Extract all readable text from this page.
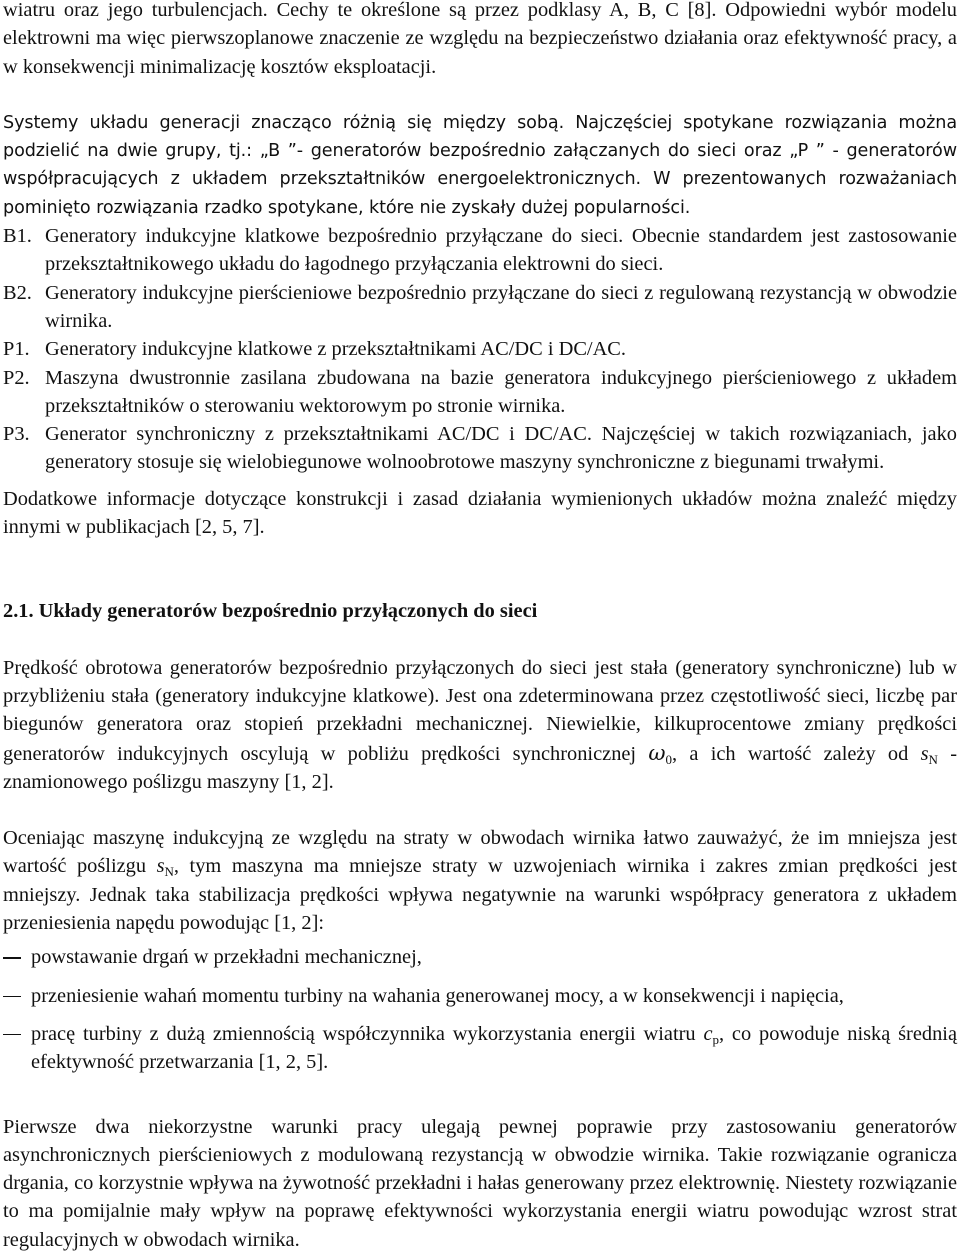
wiatru oraz jego turbulencjach. Cechy te określone są przez podklasy A, B, C [8]. Odpowiedni wybór modelu elektrowni ma więc pierwszoplanowe znaczenie ze względu na bezpieczeństwo działania oraz efektywność pracy, a w konsekwencji minimalizację kosztów eksploatacji.

Systemy układu generacji znacząco różnią się między sobą. Najczęściej spotykane rozwiązania można podzielić na dwie grupy, tj.: „B ”- generatorów bezpośrednio załączanych do sieci oraz „P ” - generatorów współpracujących z układem przekształtników energoelektronicznych. W prezentowanych rozważaniach pominięto rozwiązania rzadko spotykane, które nie zyskały dużej popularności.

B1. Generatory indukcyjne klatkowe bezpośrednio przyłączane do sieci. Obecnie standardem jest zastosowanie przekształtnikowego układu do łagodnego przyłączania elektrowni do sieci.
B2. Generatory indukcyjne pierścieniowe bezpośrednio przyłączane do sieci z regulowaną rezystancją w obwodzie wirnika.
P1. Generatory indukcyjne klatkowe z przekształtnikami AC/DC i DC/AC.
P2. Maszyna dwustronnie zasilana zbudowana na bazie generatora indukcyjnego pierścieniowego z układem przekształtników o sterowaniu wektorowym po stronie wirnika.
P3. Generator synchroniczny z przekształtnikami AC/DC i DC/AC. Najczęściej w takich rozwiązaniach, jako generatory stosuje się wielobiegunowe wolnoobrotowe maszyny synchroniczne z biegunami trwałymi.

Dodatkowe informacje dotyczące konstrukcji i zasad działania wymienionych układów można znaleźć między innymi w publikacjach [2, 5, 7].

2.1. Układy generatorów bezpośrednio przyłączonych do sieci

Prędkość obrotowa generatorów bezpośrednio przyłączonych do sieci jest stała (generatory synchroniczne) lub w przybliżeniu stała (generatory indukcyjne klatkowe). Jest ona zdeterminowana przez częstotliwość sieci, liczbę par biegunów generatora oraz stopień przekładni mechanicznej. Niewielkie, kilkuprocentowe zmiany prędkości generatorów indukcyjnych oscylują w pobliżu prędkości synchronicznej $\omega_0$, a ich wartość zależy od $s_N$ - znamionowego poślizgu maszyny [1, 2].

Oceniając maszynę indukcyjną ze względu na straty w obwodach wirnika łatwo zauważyć, że im mniejsza jest wartość poślizgu $s_N$, tym maszyna ma mniejsze straty w uzwojeniach wirnika i zakres zmian prędkości jest mniejszy. Jednak taka stabilizacja prędkości wpływa negatywnie na warunki współpracy generatora z układem przeniesienia napędu powodując [1, 2]:

powstawanie drgań w przekładni mechanicznej,
przeniesienie wahań momentu turbiny na wahania generowanej mocy, a w konsekwencji i napięcia,
pracę turbiny z dużą zmiennością współczynnika wykorzystania energii wiatru $c_p$, co powoduje niską średnią efektywność przetwarzania [1, 2, 5].

Pierwsze dwa niekorzystne warunki pracy ulegają pewnej poprawie przy zastosowaniu generatorów asynchronicznych pierścieniowych z modulowaną rezystancją w obwodzie wirnika. Takie rozwiązanie ogranicza drgania, co korzystnie wpływa na żywotność przekładni i hałas generowany przez elektrownię. Niestety rozwiązanie to ma pomijalnie mały wpływ na poprawę efektywności wykorzystania energii wiatru powodując wzrost strat regulacyjnych w obwodach wirnika.
